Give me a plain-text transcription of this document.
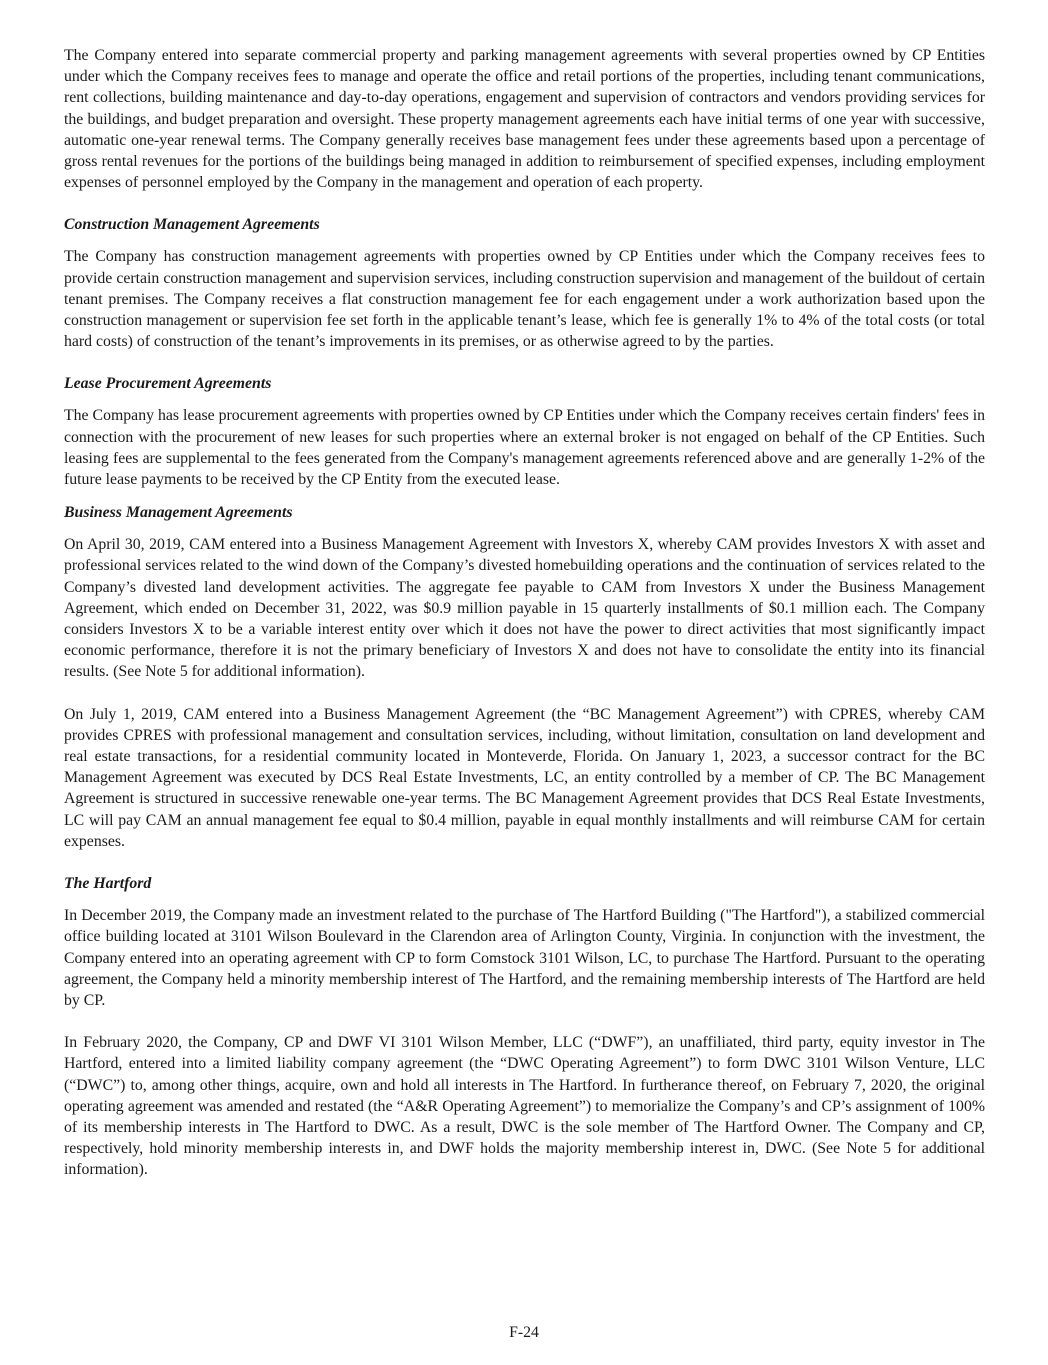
The Company entered into separate commercial property and parking management agreements with several properties owned by CP Entities under which the Company receives fees to manage and operate the office and retail portions of the properties, including tenant communications, rent collections, building maintenance and day-to-day operations, engagement and supervision of contractors and vendors providing services for the buildings, and budget preparation and oversight. These property management agreements each have initial terms of one year with successive, automatic one-year renewal terms. The Company generally receives base management fees under these agreements based upon a percentage of gross rental revenues for the portions of the buildings being managed in addition to reimbursement of specified expenses, including employment expenses of personnel employed by the Company in the management and operation of each property.

Construction Management Agreements

The Company has construction management agreements with properties owned by CP Entities under which the Company receives fees to provide certain construction management and supervision services, including construction supervision and management of the buildout of certain tenant premises. The Company receives a flat construction management fee for each engagement under a work authorization based upon the construction management or supervision fee set forth in the applicable tenant’s lease, which fee is generally 1% to 4% of the total costs (or total hard costs) of construction of the tenant’s improvements in its premises, or as otherwise agreed to by the parties.

Lease Procurement Agreements

The Company has lease procurement agreements with properties owned by CP Entities under which the Company receives certain finders' fees in connection with the procurement of new leases for such properties where an external broker is not engaged on behalf of the CP Entities. Such leasing fees are supplemental to the fees generated from the Company's management agreements referenced above and are generally 1-2% of the future lease payments to be received by the CP Entity from the executed lease.

Business Management Agreements

On April 30, 2019, CAM entered into a Business Management Agreement with Investors X, whereby CAM provides Investors X with asset and professional services related to the wind down of the Company’s divested homebuilding operations and the continuation of services related to the Company’s divested land development activities. The aggregate fee payable to CAM from Investors X under the Business Management Agreement, which ended on December 31, 2022, was $0.9 million payable in 15 quarterly installments of $0.1 million each. The Company considers Investors X to be a variable interest entity over which it does not have the power to direct activities that most significantly impact economic performance, therefore it is not the primary beneficiary of Investors X and does not have to consolidate the entity into its financial results. (See Note 5 for additional information).

On July 1, 2019, CAM entered into a Business Management Agreement (the “BC Management Agreement”) with CPRES, whereby CAM provides CPRES with professional management and consultation services, including, without limitation, consultation on land development and real estate transactions, for a residential community located in Monteverde, Florida. On January 1, 2023, a successor contract for the BC Management Agreement was executed by DCS Real Estate Investments, LC, an entity controlled by a member of CP. The BC Management Agreement is structured in successive renewable one-year terms. The BC Management Agreement provides that DCS Real Estate Investments, LC will pay CAM an annual management fee equal to $0.4 million, payable in equal monthly installments and will reimburse CAM for certain expenses.

The Hartford

In December 2019, the Company made an investment related to the purchase of The Hartford Building ("The Hartford"), a stabilized commercial office building located at 3101 Wilson Boulevard in the Clarendon area of Arlington County, Virginia. In conjunction with the investment, the Company entered into an operating agreement with CP to form Comstock 3101 Wilson, LC, to purchase The Hartford. Pursuant to the operating agreement, the Company held a minority membership interest of The Hartford, and the remaining membership interests of The Hartford are held by CP.

In February 2020, the Company, CP and DWF VI 3101 Wilson Member, LLC (“DWF”), an unaffiliated, third party, equity investor in The Hartford, entered into a limited liability company agreement (the “DWC Operating Agreement”) to form DWC 3101 Wilson Venture, LLC (“DWC”) to, among other things, acquire, own and hold all interests in The Hartford. In furtherance thereof, on February 7, 2020, the original operating agreement was amended and restated (the “A&R Operating Agreement”) to memorialize the Company’s and CP’s assignment of 100% of its membership interests in The Hartford to DWC. As a result, DWC is the sole member of The Hartford Owner. The Company and CP, respectively, hold minority membership interests in, and DWF holds the majority membership interest in, DWC. (See Note 5 for additional information).

F-24
